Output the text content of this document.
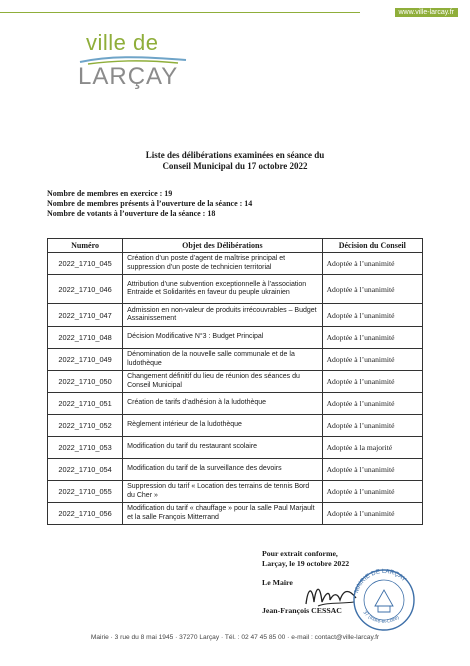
www.ville-larcay.fr
ville de
LARÇAY
Liste des délibérations examinées en séance du
Conseil Municipal du 17 octobre 2022
Nombre de membres en exercice : 19
Nombre de membres présents à l’ouverture de la séance : 14
Nombre de votants à l’ouverture de la séance : 18
Numéro	Objet des Délibérations	Décision du Conseil
2022_1710_045	Création d’un poste d’agent de maîtrise principal et suppression d’un poste de technicien territorial	Adoptée à l’unanimité
2022_1710_046	Attribution d’une subvention exceptionnelle à l’association Entraide et Solidarités en faveur du peuple ukrainien	Adoptée à l’unanimité
2022_1710_047	Admission en non-valeur de produits irrécouvrables – Budget Assainissement	Adoptée à l’unanimité
2022_1710_048	Décision Modificative N°3 : Budget Principal	Adoptée à l’unanimité
2022_1710_049	Dénomination de la nouvelle salle communale et de la ludothèque	Adoptée à l’unanimité
2022_1710_050	Changement définitif du lieu de réunion des séances du Conseil Municipal	Adoptée à l’unanimité
2022_1710_051	Création de tarifs d’adhésion à la ludothèque	Adoptée à l’unanimité
2022_1710_052	Règlement intérieur de la ludothèque	Adoptée à l’unanimité
2022_1710_053	Modification du tarif du restaurant scolaire	Adoptée à la majorité
2022_1710_054	Modification du tarif de la surveillance des devoirs	Adoptée à l’unanimité
2022_1710_055	Suppression du tarif « Location des terrains de tennis Bord du Cher »	Adoptée à l’unanimité
2022_1710_056	Modification du tarif « chauffage » pour la salle Paul Marjault et la salle François Mitterrand	Adoptée à l’unanimité
Pour extrait conforme,
Larçay, le 19 octobre 2022
Le Maire
Jean-François CESSAC
MAIRIE DE LARÇAY
37 (Indre-et-Loire)
Mairie · 3 rue du 8 mai 1945 · 37270 Larçay · Tél. : 02 47 45 85 00 · e-mail : contact@ville-larcay.fr
